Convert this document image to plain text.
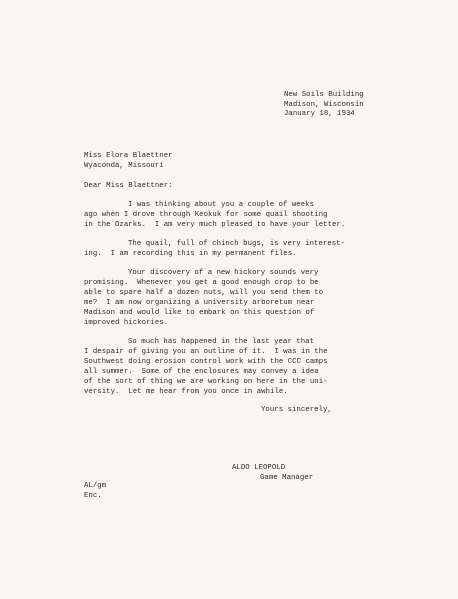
New Soils Building
Madison, Wisconsin
January 18, 1934
Miss Elora Blaettner
Wyaconda, Missouri
Dear Miss Blaettner:
I was thinking about you a couple of weeks
ago when I drove through Keokuk for some quail shooting
in the Ozarks.  I am very much pleased to have your letter.
The quail, full of chinch bugs, is very interest-
ing.  I am recording this in my permanent files.
Your discovery of a new hickory sounds very
promising.  Whenever you get a good enough crop to be
able to spare half a dozen nuts, will you send them to
me?  I am now organizing a university arboretum near
Madison and would like to embark on this question of
improved hickories.
So much has happened in the last year that
I despair of giving you an outline of it.  I was in the
Southwest doing erosion control work with the CCC camps
all summer.  Some of the enclosures may convey a idea
of the sort of thing we are working on here in the uni-
versity.  Let me hear from you once in awhile.
Yours sincerely,
ALDO LEOPOLD
Game Manager
AL/gm
Enc.
